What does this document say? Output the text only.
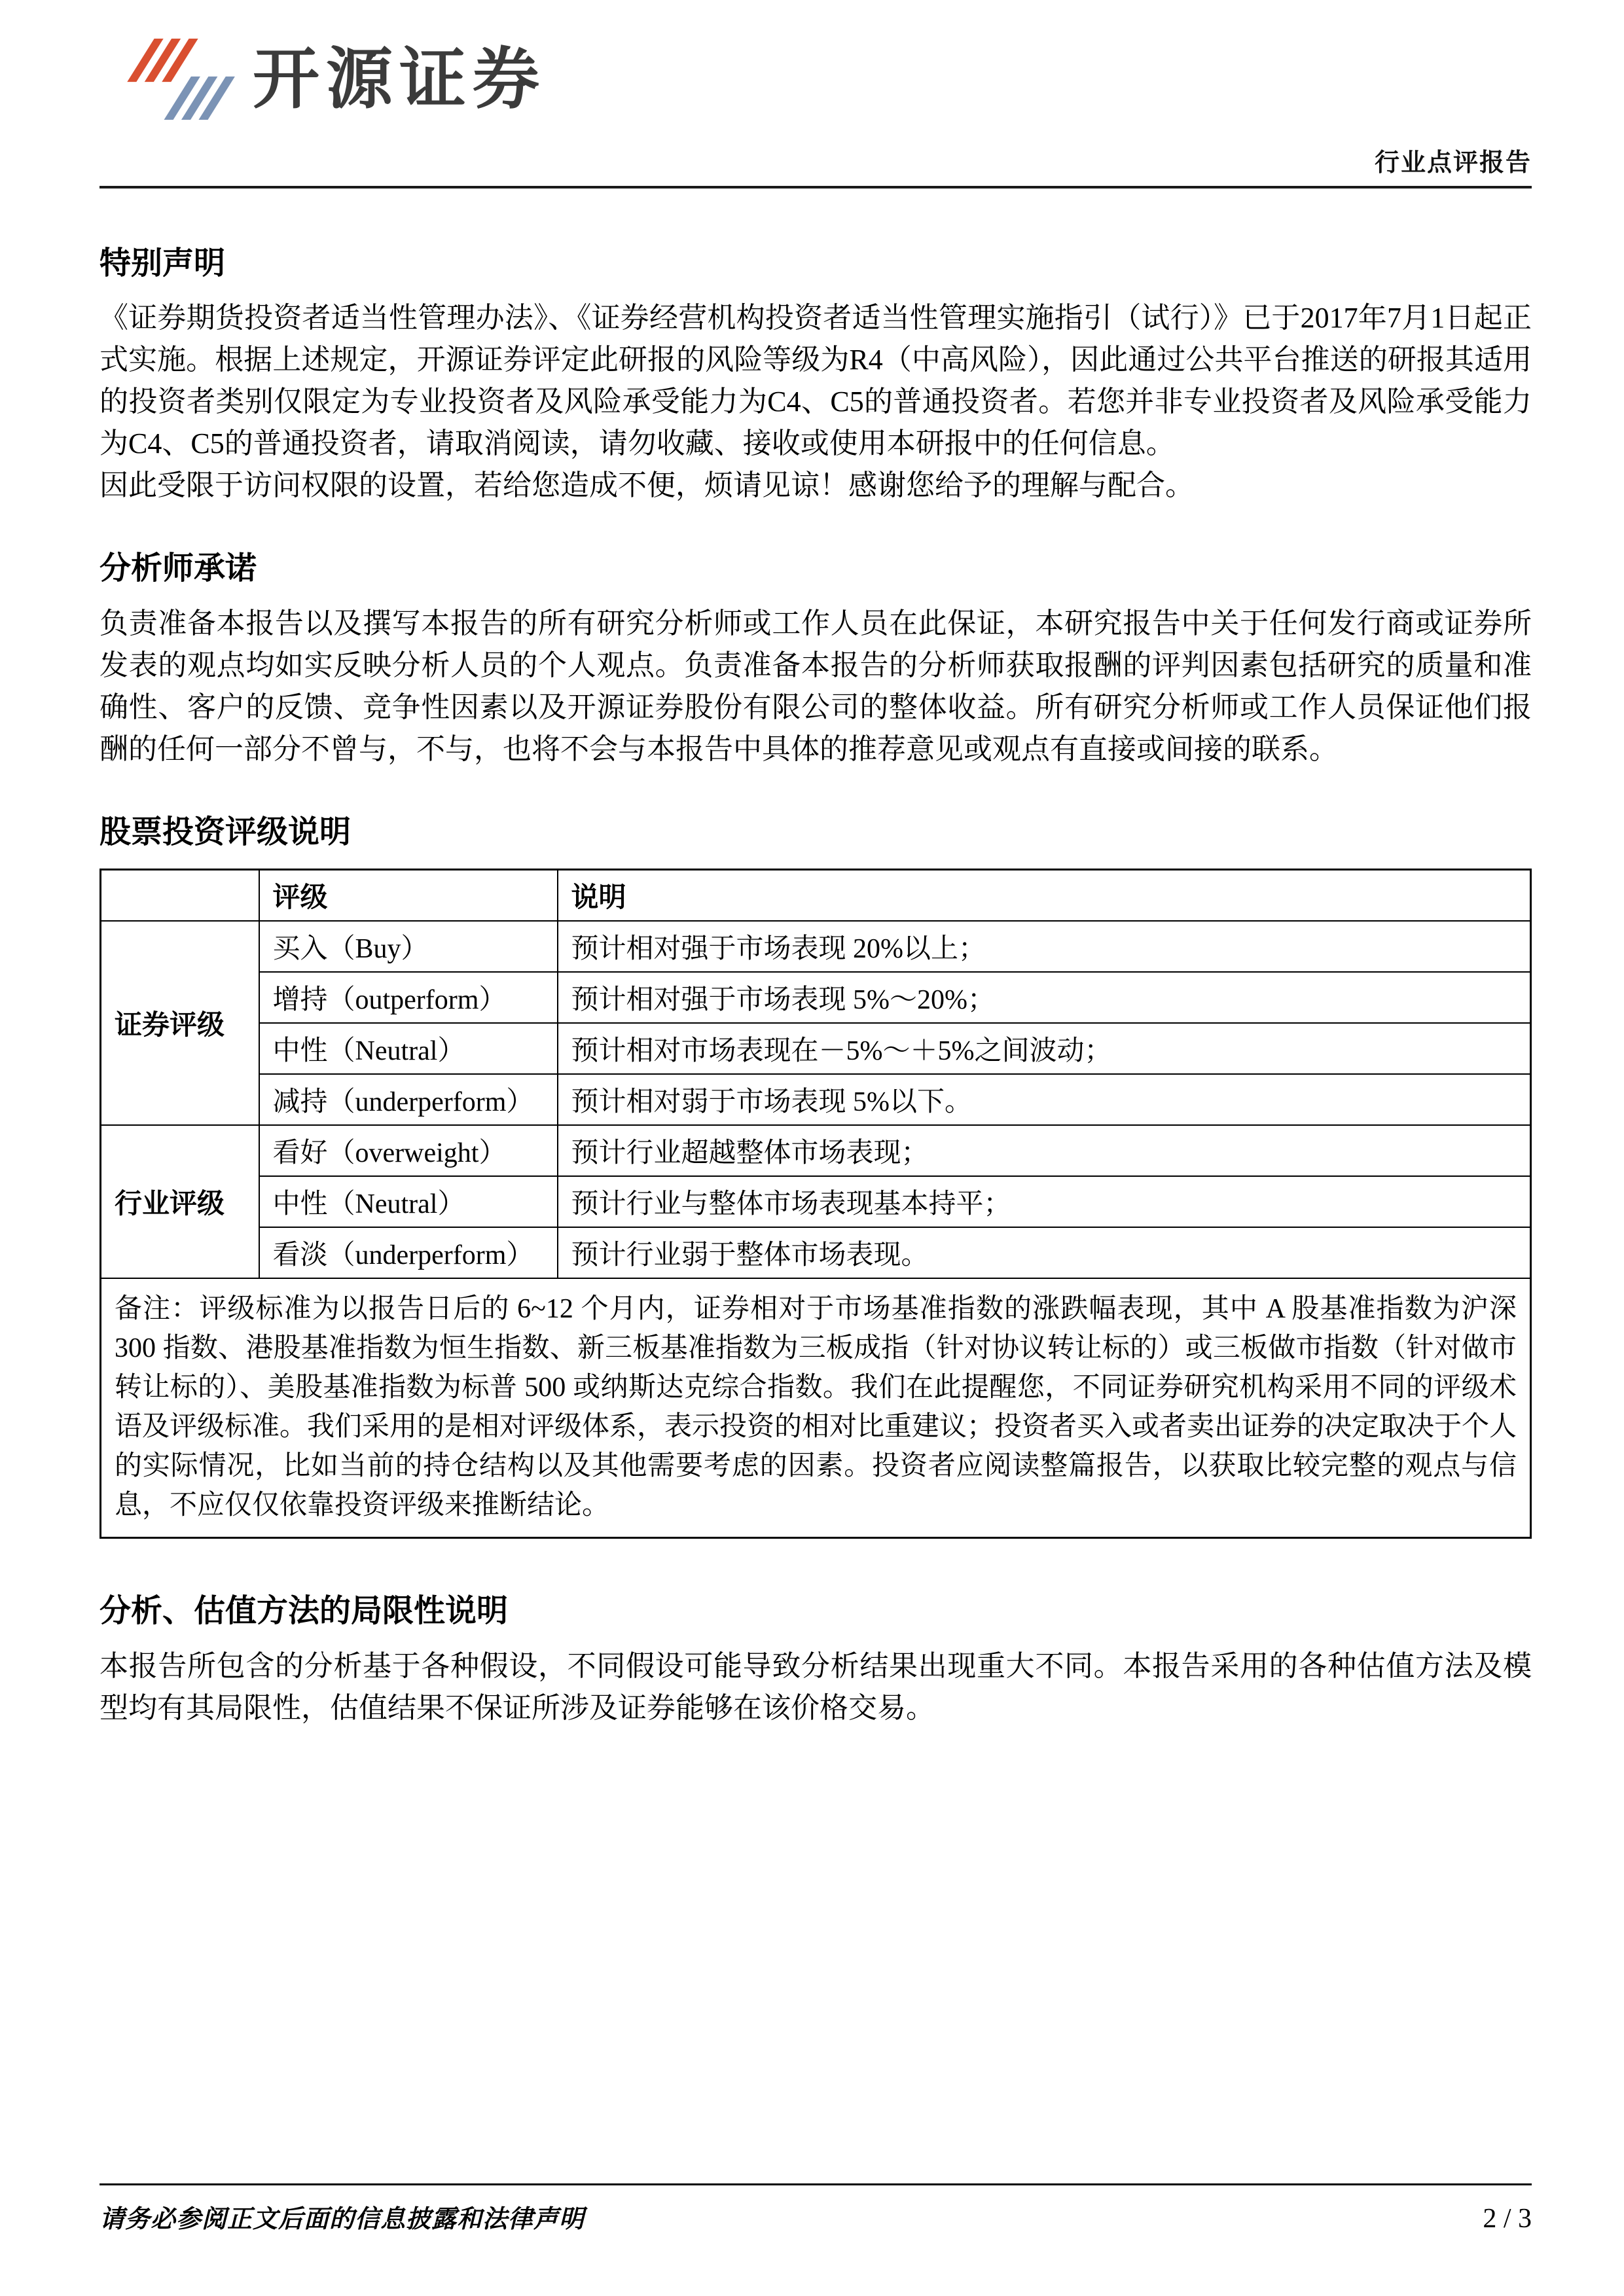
开源证券
行业点评报告
特别声明

《证券期货投资者适当性管理办法》、《证券经营机构投资者适当性管理实施指引（试行）》已于2017年7月1日起正式实施。根据上述规定，开源证券评定此研报的风险等级为R4（中高风险），因此通过公共平台推送的研报其适用的投资者类别仅限定为专业投资者及风险承受能力为C4、C5的普通投资者。若您并非专业投资者及风险承受能力为C4、C5的普通投资者，请取消阅读，请勿收藏、接收或使用本研报中的任何信息。

因此受限于访问权限的设置，若给您造成不便，烦请见谅！感谢您给予的理解与配合。

分析师承诺

负责准备本报告以及撰写本报告的所有研究分析师或工作人员在此保证，本研究报告中关于任何发行商或证券所发表的观点均如实反映分析人员的个人观点。负责准备本报告的分析师获取报酬的评判因素包括研究的质量和准确性、客户的反馈、竞争性因素以及开源证券股份有限公司的整体收益。所有研究分析师或工作人员保证他们报酬的任何一部分不曾与，不与，也将不会与本报告中具体的推荐意见或观点有直接或间接的联系。

股票投资评级说明
	评级	说明
证券评级	买入（Buy）	预计相对强于市场表现 20%以上；
	增持（outperform）	预计相对强于市场表现 5%～20%；
	中性（Neutral）	预计相对市场表现在－5%～＋5%之间波动；
	减持（underperform）	预计相对弱于市场表现 5%以下。
行业评级	看好（overweight）	预计行业超越整体市场表现；
	中性（Neutral）	预计行业与整体市场表现基本持平；
	看淡（underperform）	预计行业弱于整体市场表现。
备注：评级标准为以报告日后的 6~12 个月内，证券相对于市场基准指数的涨跌幅表现，其中 A 股基准指数为沪深 300 指数、港股基准指数为恒生指数、新三板基准指数为三板成指（针对协议转让标的）或三板做市指数（针对做市转让标的）、美股基准指数为标普 500 或纳斯达克综合指数。我们在此提醒您，不同证券研究机构采用不同的评级术语及评级标准。我们采用的是相对评级体系，表示投资的相对比重建议；投资者买入或者卖出证券的决定取决于个人的实际情况，比如当前的持仓结构以及其他需要考虑的因素。投资者应阅读整篇报告，以获取比较完整的观点与信息，不应仅仅依靠投资评级来推断结论。		
分析、估值方法的局限性说明

本报告所包含的分析基于各种假设，不同假设可能导致分析结果出现重大不同。本报告采用的各种估值方法及模型均有其局限性，估值结果不保证所涉及证券能够在该价格交易。

请务必参阅正文后面的信息披露和法律声明	2 / 3
